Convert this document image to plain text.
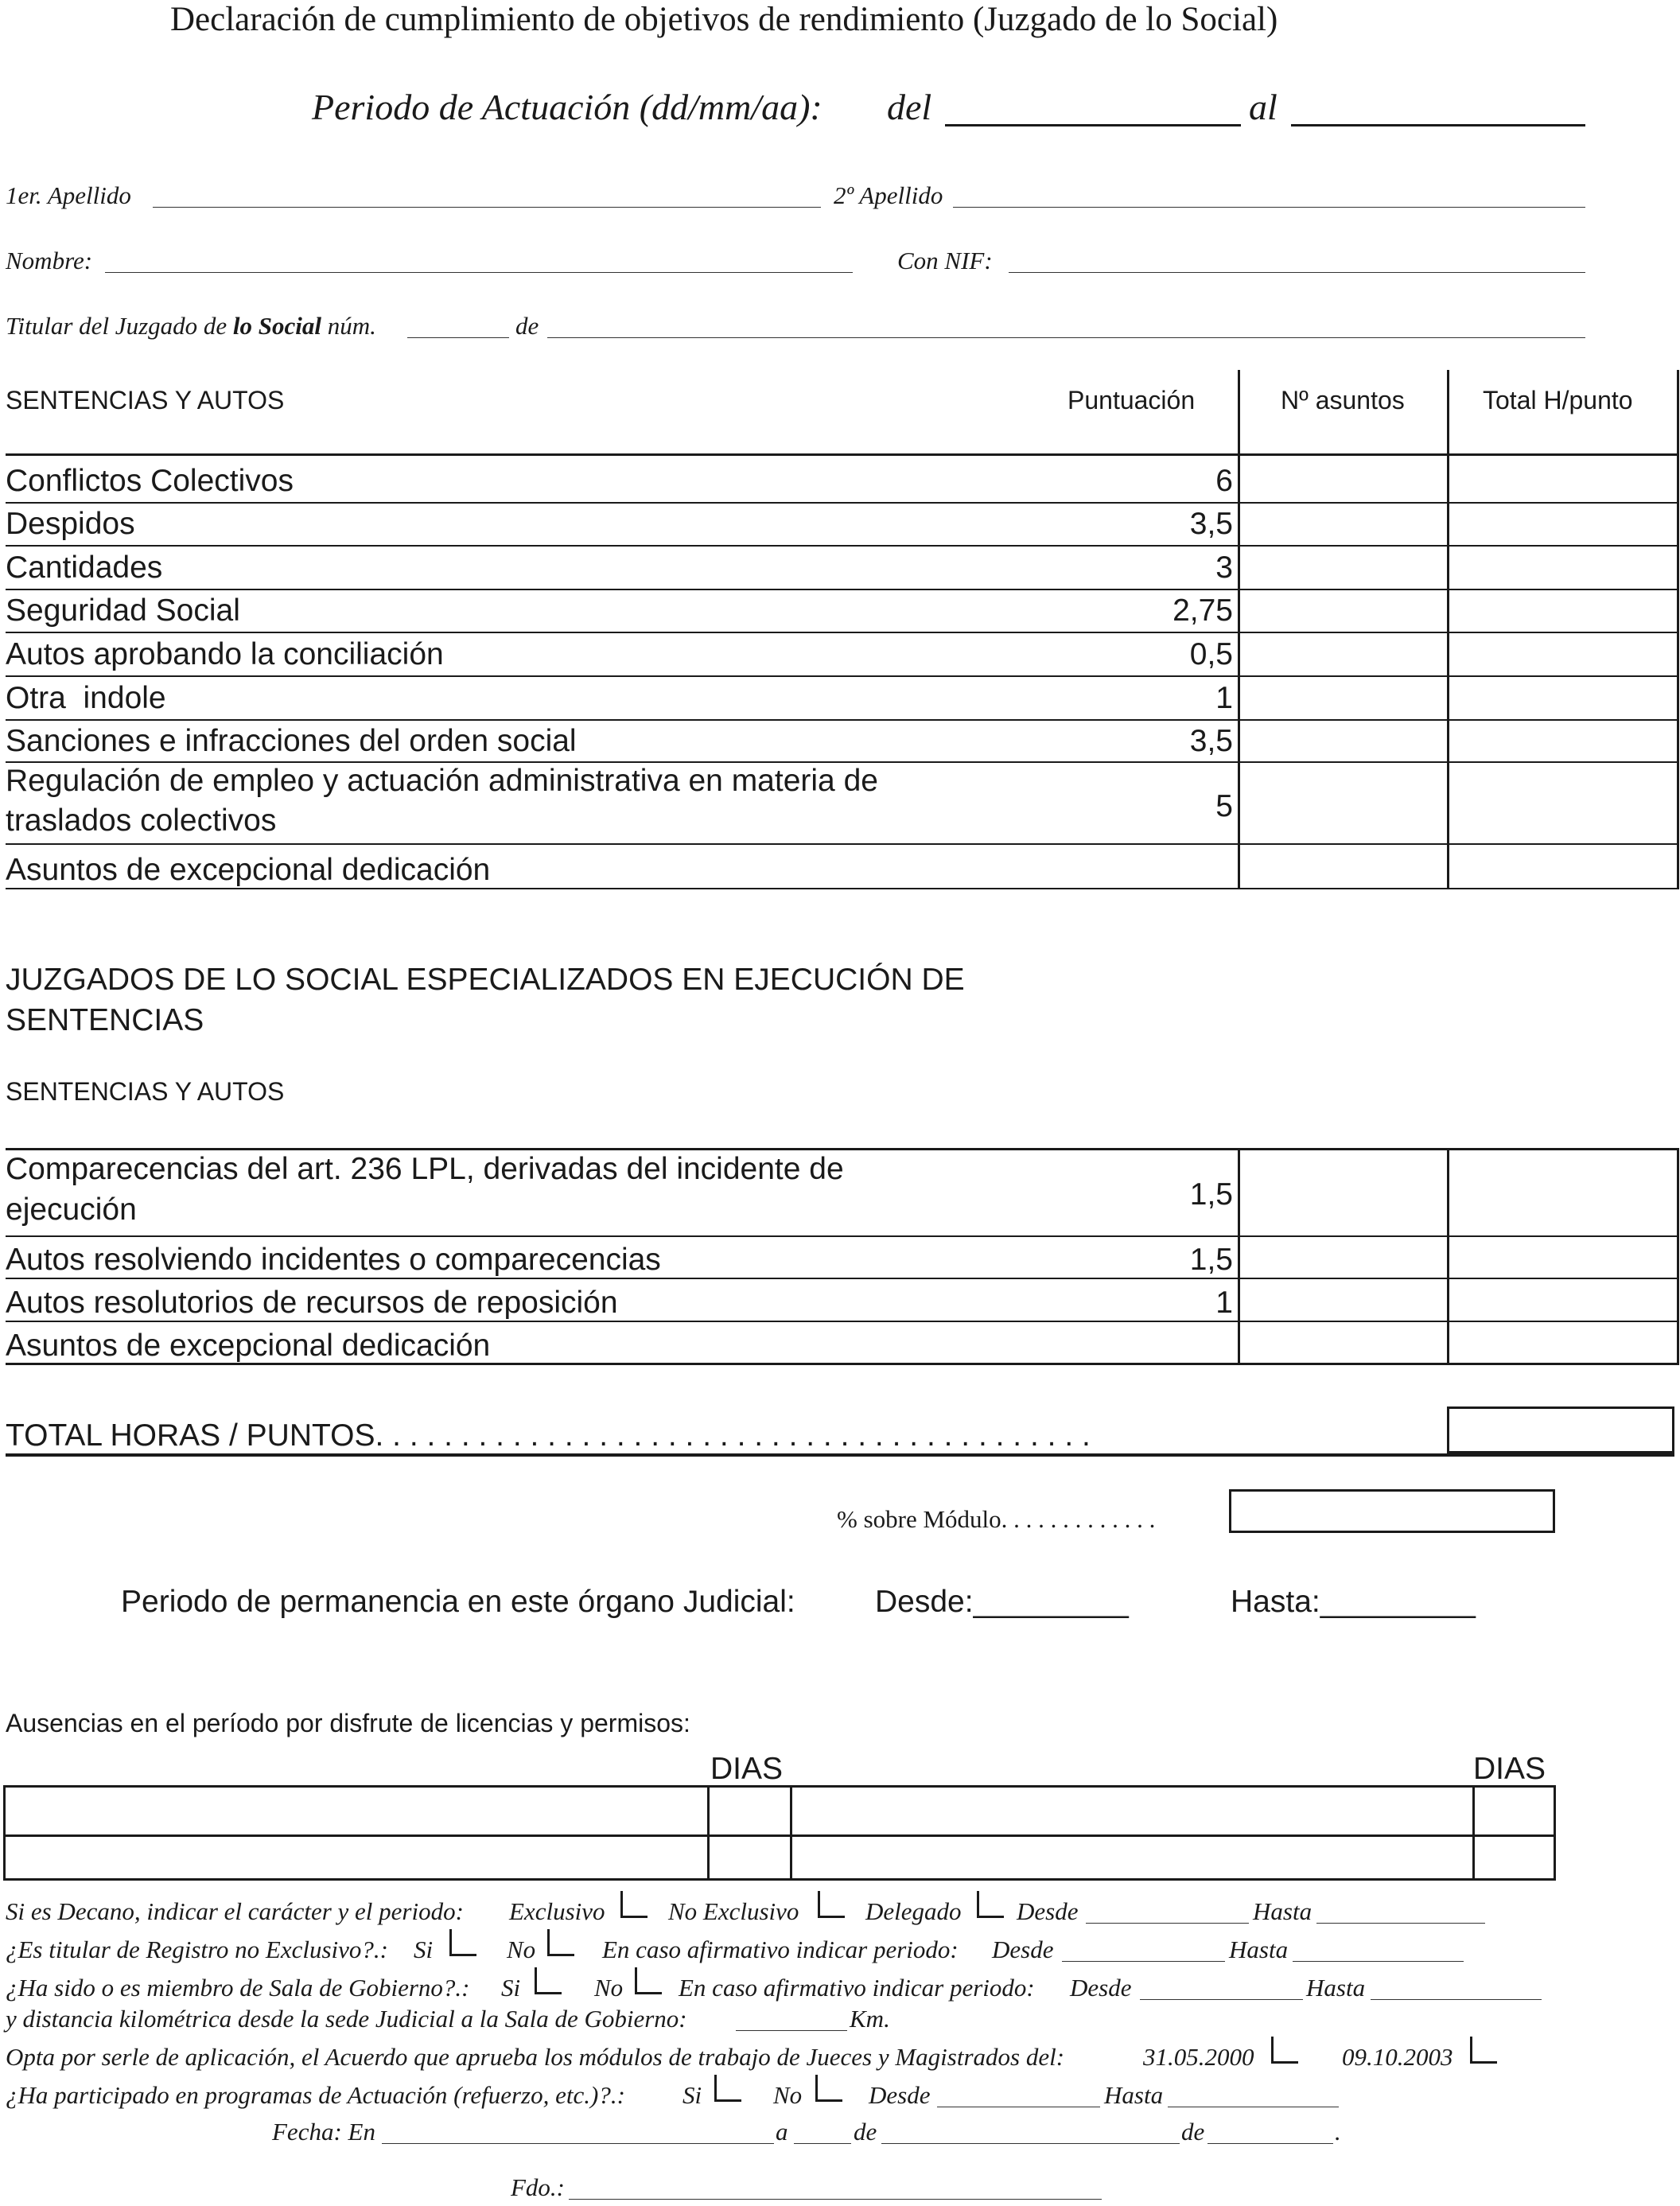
Declaración de cumplimiento de objetivos de rendimiento (Juzgado de lo Social)
Periodo de Actuación (dd/mm/aa): del	al
1er. Apellido	2º Apellido
Nombre:	Con NIF:
Titular del Juzgado de lo Social núm.	de
SENTENCIAS Y AUTOS	Puntuación	Nº asuntos	Total H/punto
Conflictos Colectivos	6
Despidos	3,5
Cantidades	3
Seguridad Social	2,75
Autos aprobando la conciliación	0,5
Otra  indole	1
Sanciones e infracciones del orden social	3,5
Regulación de empleo y actuación administrativa en materia de
traslados colectivos	5
Asuntos de excepcional dedicación
JUZGADOS DE LO SOCIAL ESPECIALIZADOS EN EJECUCIÓN DE
SENTENCIAS
SENTENCIAS Y AUTOS
Comparecencias del art. 236 LPL, derivadas del incidente de
ejecución	1,5
Autos resolviendo incidentes o comparecencias	1,5
Autos resolutorios de recursos de reposición	1
Asuntos de excepcional dedicación
TOTAL HORAS / PUNTOS. . . . . . . . . . . . . . . . . . . . . . . . . . . . . . . . . . . . . . . . . .
% sobre Módulo. . . . . . . . . . . . .
Periodo de permanencia en este órgano Judicial:	Desde:_________	Hasta:_________
Ausencias en el período por disfrute de licencias y permisos:
DIAS	DIAS
Si es Decano, indicar el carácter y el periodo: Exclusivo	No Exclusivo	Delegado Desde	Hasta
¿Es titular de Registro no Exclusivo?.: Si	No	En caso afirmativo indicar periodo: Desde	Hasta
¿Ha sido o es miembro de Sala de Gobierno?.: Si	No En caso afirmativo indicar periodo: Desde	Hasta
y distancia kilométrica desde la sede Judicial a la Sala de Gobierno:	Km.
Opta por serle de aplicación, el Acuerdo que aprueba los módulos de trabajo de Jueces y Magistrados del:	31.05.2000	09.10.2003
¿Ha participado en programas de Actuación (refuerzo, etc.)?.: Si	No	Desde	Hasta
Fecha: En	a	de	de	.
Fdo.:
